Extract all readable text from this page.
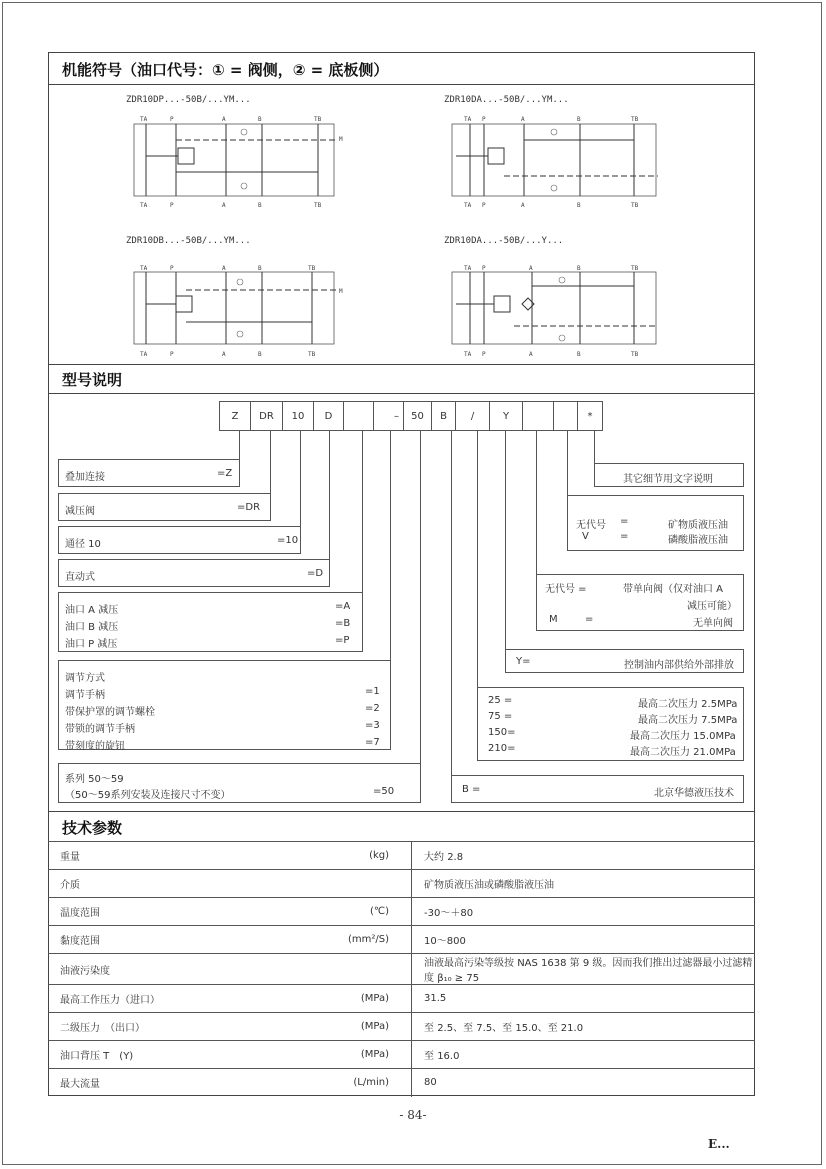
机能符号（油口代号：① = 阀侧，② = 底板侧）
型号说明
技术参数
ZDR10DP...-50B/...YM...	ZDR10DA...-50B/...YM...
ZDR10DB...-50B/...YM...	ZDR10DA...-50B/...Y...
TA	P	A	B	TB
TA	P	A	B	TB
M
TA P	A	B	TB
TA P	A	B	TB
TA	P	A	B	TB
TA	P	A	B	TB
M
TA P	A	B	TB
TA P	A	B	TB
Z	DR	10	D	–	50	B	/	Y	*
叠加连接	=Z
减压阀	=DR
通径 10	=10
直动式	=D
油口 A 减压	=A
油口 B 减压	=B
油口 P 减压	=P
调节方式
调节手柄	=1
带保护罩的调节螺栓	=2
带锁的调节手柄	=3
带刻度的旋钮	=7
系列 50～59
（50～59系列安装及连接尺寸不变）	=50
其它细节用文字说明
无代号 =	矿物质液压油
V	=	磷酸脂液压油
无代号 =	带单向阀（仅对油口 A
减压可能）
M	=	无单向阀
Y=	控制油内部供给外部排放
25 =	最高二次压力 2.5MPa
75 =	最高二次压力 7.5MPa
150=	最高二次压力 15.0MPa
210=	最高二次压力 21.0MPa
B =	北京华德液压技术
重量	(kg)	大约 2.8
介质		矿物质液压油或磷酸脂液压油
温度范围	(℃)	-30～＋80
黏度范围	(mm²/S)	10～800
油液污染度		油液最高污染等级按 NAS 1638 第 9 级。因而我们推出过滤器最小过滤精度 β₁₀ ≥ 75
最高工作压力（进口）	(MPa)	31.5
二级压力　（出口）	(MPa)	至 2.5、至 7.5、至 15.0、至 21.0
油口背压 T　(Y)	(MPa)	至 16.0
最大流量	(L/min)	80
- 84-
E...
